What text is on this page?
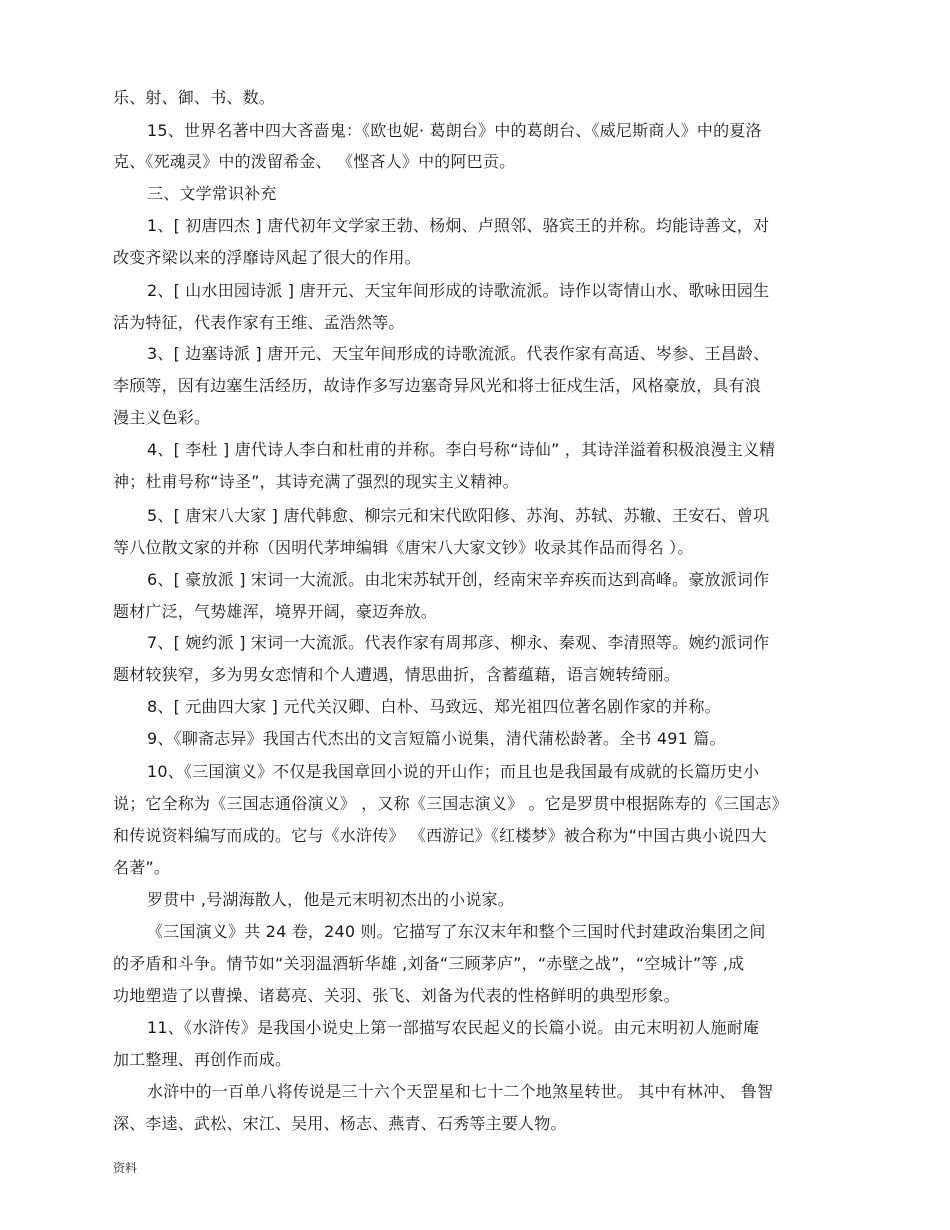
乐、射、御、书、数。
15、世界名著中四大吝啬鬼：《欧也妮· 葛朗台》中的葛朗台、《威尼斯商人》中的夏洛
克、《死魂灵》中的泼留希金、 《悭吝人》中的阿巴贡。
三、文学常识补充
1、[ 初唐四杰 ] 唐代初年文学家王勃、杨炯、卢照邻、骆宾王的并称。均能诗善文，对
改变齐梁以来的浮靡诗风起了很大的作用。
2、[ 山水田园诗派 ] 唐开元、天宝年间形成的诗歌流派。诗作以寄情山水、歌咏田园生
活为特征，代表作家有王维、孟浩然等。
3、[ 边塞诗派 ] 唐开元、天宝年间形成的诗歌流派。代表作家有高适、岑参、王昌龄、
李颀等，因有边塞生活经历，故诗作多写边塞奇异风光和将士征戍生活，风格豪放，具有浪
漫主义色彩。
4、[ 李杜 ] 唐代诗人李白和杜甫的并称。李白号称“诗仙” ，其诗洋溢着积极浪漫主义精
神；杜甫号称“诗圣”，其诗充满了强烈的现实主义精神。
5、[ 唐宋八大家 ] 唐代韩愈、柳宗元和宋代欧阳修、苏洵、苏轼、苏辙、王安石、曾巩
等八位散文家的并称（因明代茅坤编辑《唐宋八大家文钞》收录其作品而得名 ）。
6、[ 豪放派 ] 宋词一大流派。由北宋苏轼开创，经南宋辛弃疾而达到高峰。豪放派词作
题材广泛，气势雄浑，境界开阔，豪迈奔放。
7、[ 婉约派 ] 宋词一大流派。代表作家有周邦彦、柳永、秦观、李清照等。婉约派词作
题材较狭窄，多为男女恋情和个人遭遇，情思曲折，含蓄蕴藉，语言婉转绮丽。
8、[ 元曲四大家 ] 元代关汉卿、白朴、马致远、郑光祖四位著名剧作家的并称。
9、《聊斋志异》我国古代杰出的文言短篇小说集，清代蒲松龄著。全书 491 篇。
10、《三国演义》不仅是我国章回小说的开山作；而且也是我国最有成就的长篇历史小
说；它全称为《三国志通俗演义》 ，又称《三国志演义》 。它是罗贯中根据陈寿的《三国志》
和传说资料编写而成的。它与《水浒传》 《西游记》《红楼梦》被合称为“中国古典小说四大
名著”。
罗贯中 ,号湖海散人，他是元末明初杰出的小说家。
《三国演义》共 24 卷，240 则。它描写了东汉末年和整个三国时代封建政治集团之间
的矛盾和斗争。情节如“关羽温酒斩华雄 ,刘备“三顾茅庐”，“赤壁之战”，“空城计”等 ,成
功地塑造了以曹操、诸葛亮、关羽、张飞、刘备为代表的性格鲜明的典型形象。
11、《水浒传》是我国小说史上第一部描写农民起义的长篇小说。由元末明初人施耐庵
加工整理、再创作而成。
水浒中的一百单八将传说是三十六个天罡星和七十二个地煞星转世。 其中有林冲、 鲁智
深、李逵、武松、宋江、吴用、杨志、燕青、石秀等主要人物。
资料
